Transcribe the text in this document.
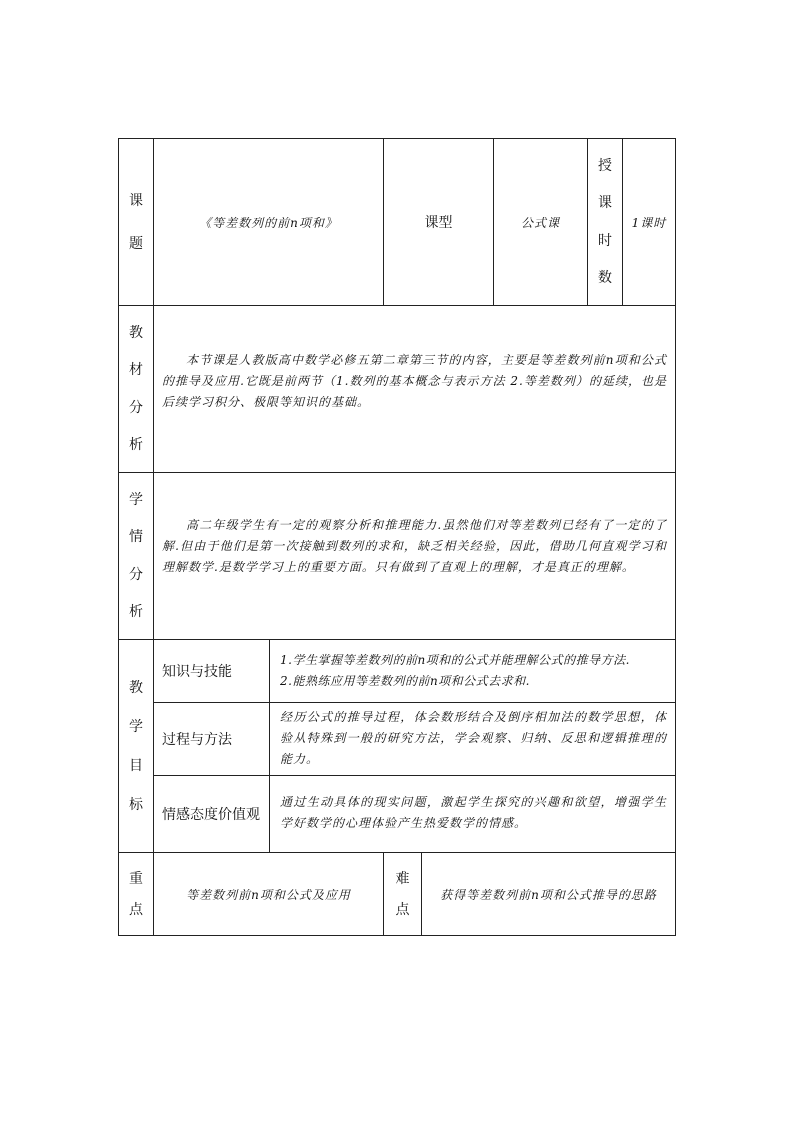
课
题
《等差数列的前n项和》	课型	公式课
授
课
时
数
1课时
教
材
分
析
本节课是人教版高中数学必修五第二章第三节的内容，主要是等差数列前n项和公式的推导及应用.它既是前两节（1.数列的基本概念与表示方法 2.等差数列）的延续，也是后续学习积分、极限等知识的基础。
学
情
分
析
高二年级学生有一定的观察分析和推理能力.虽然他们对等差数列已经有了一定的了解.但由于他们是第一次接触到数列的求和，缺乏相关经验，因此，借助几何直观学习和理解数学.是数学学习上的重要方面。只有做到了直观上的理解，才是真正的理解。
教
学
目
标
知识与技能
1.学生掌握等差数列的前n项和的公式并能理解公式的推导方法.
2.能熟练应用等差数列的前n项和公式去求和.
过程与方法
经历公式的推导过程，体会数形结合及倒序相加法的数学思想，体验从特殊到一般的研究方法，学会观察、归纳、反思和逻辑推理的能力。
情感态度价值观
通过生动具体的现实问题，激起学生探究的兴趣和欲望，增强学生学好数学的心理体验产生热爱数学的情感。
重
点
等差数列前n项和公式及应用
难
点
获得等差数列前n项和公式推导的思路
